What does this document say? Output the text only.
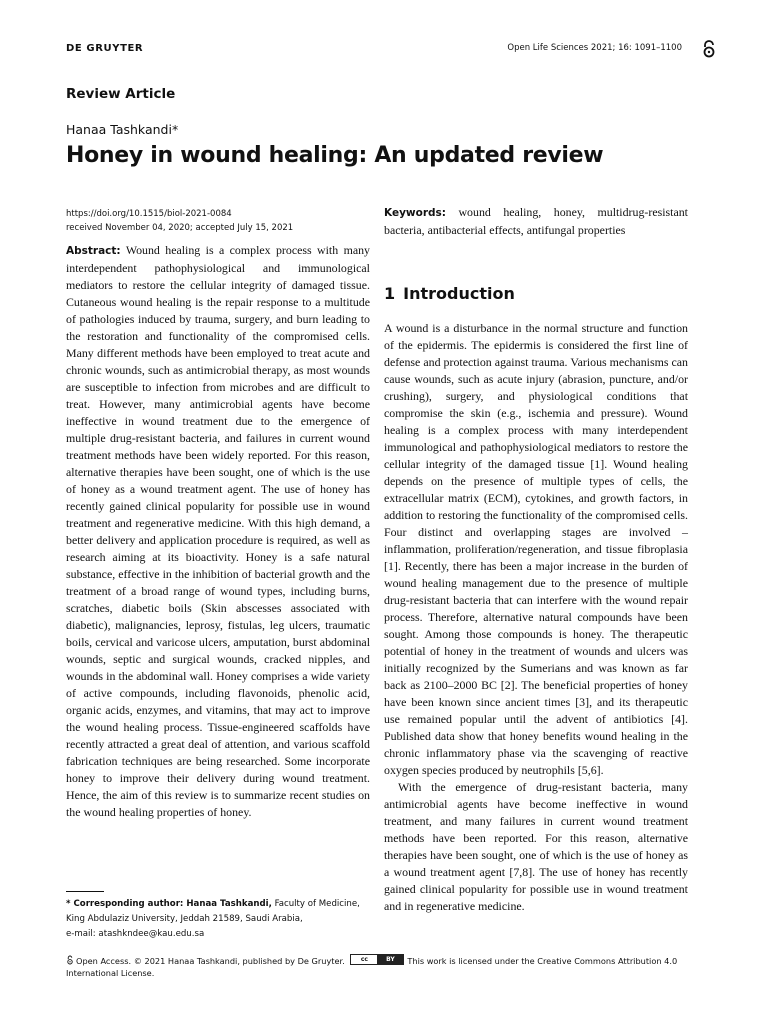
DE GRUYTER	Open Life Sciences 2021; 16: 1091–1100
Review Article
Hanaa Tashkandi*
Honey in wound healing: An updated review
https://doi.org/10.1515/biol-2021-0084
received November 04, 2020; accepted July 15, 2021
Abstract: Wound healing is a complex process with many interdependent pathophysiological and immunological mediators to restore the cellular integrity of damaged tissue. Cutaneous wound healing is the repair response to a multitude of pathologies induced by trauma, surgery, and burn leading to the restoration and functionality of the compromised cells. Many different methods have been employed to treat acute and chronic wounds, such as antimicrobial therapy, as most wounds are susceptible to infection from microbes and are difficult to treat. However, many antimicrobial agents have become ineffective in wound treatment due to the emergence of multiple drug-resistant bacteria, and failures in current wound treatment methods have been widely reported. For this reason, alternative therapies have been sought, one of which is the use of honey as a wound treatment agent. The use of honey has recently gained clinical popularity for possible use in wound treatment and regenerative medicine. With this high demand, a better delivery and application procedure is required, as well as research aiming at its bioactivity. Honey is a safe natural substance, effective in the inhibition of bacterial growth and the treatment of a broad range of wound types, including burns, scratches, diabetic boils (Skin abscesses associated with diabetic), malignancies, leprosy, fistulas, leg ulcers, traumatic boils, cervical and varicose ulcers, amputation, burst abdominal wounds, septic and surgical wounds, cracked nipples, and wounds in the abdominal wall. Honey comprises a wide variety of active compounds, including flavonoids, phenolic acid, organic acids, enzymes, and vitamins, that may act to improve the wound healing process. Tissue-engineered scaffolds have recently attracted a great deal of attention, and various scaffold fabrication techniques are being researched. Some incorporate honey to improve their delivery during wound treatment. Hence, the aim of this review is to summarize recent studies on the wound healing properties of honey.
Keywords: wound healing, honey, multidrug-resistant bacteria, antibacterial effects, antifungal properties
1 Introduction

A wound is a disturbance in the normal structure and function of the epidermis. The epidermis is considered the first line of defense and protection against trauma. Various mechanisms can cause wounds, such as acute injury (abrasion, puncture, and/or crushing), surgery, and physiological conditions that compromise the skin (e.g., ischemia and pressure). Wound healing is a complex process with many interdependent immunological and pathophysiological mediators to restore the cellular integrity of the damaged tissue [1]. Wound healing depends on the presence of multiple types of cells, the extracellular matrix (ECM), cytokines, and growth factors, in addition to restoring the functionality of the compromised cells. Four distinct and overlapping stages are involved – inflammation, proliferation/regeneration, and tissue fibroplasia [1]. Recently, there has been a major increase in the burden of wound healing management due to the presence of multiple drug-resistant bacteria that can interfere with the wound repair process. Therefore, alternative natural compounds have been sought. Among those compounds is honey. The therapeutic potential of honey in the treatment of wounds and ulcers was initially recognized by the Sumerians and was known as far back as 2100–2000 BC [2]. The beneficial properties of honey have been known since ancient times [3], and its therapeutic use remained popular until the advent of antibiotics [4]. Published data show that honey benefits wound healing in the chronic inflammatory phase via the scavenging of reactive oxygen species produced by neutrophils [5,6].

With the emergence of drug-resistant bacteria, many antimicrobial agents have become ineffective in wound treatment, and many failures in current wound treatment methods have been reported. For this reason, alternative therapies have been sought, one of which is the use of honey as a wound treatment agent [7,8]. The use of honey has recently gained clinical popularity for possible use in wound treatment and in regenerative medicine.

* Corresponding author: Hanaa Tashkandi, Faculty of Medicine, King Abdulaziz University, Jeddah 21589, Saudi Arabia,
e-mail: atashkndee@kau.edu.sa
Open Access. © 2021 Hanaa Tashkandi, published by De Gruyter.	cc	BY	This work is licensed under the Creative Commons Attribution 4.0 International License.
